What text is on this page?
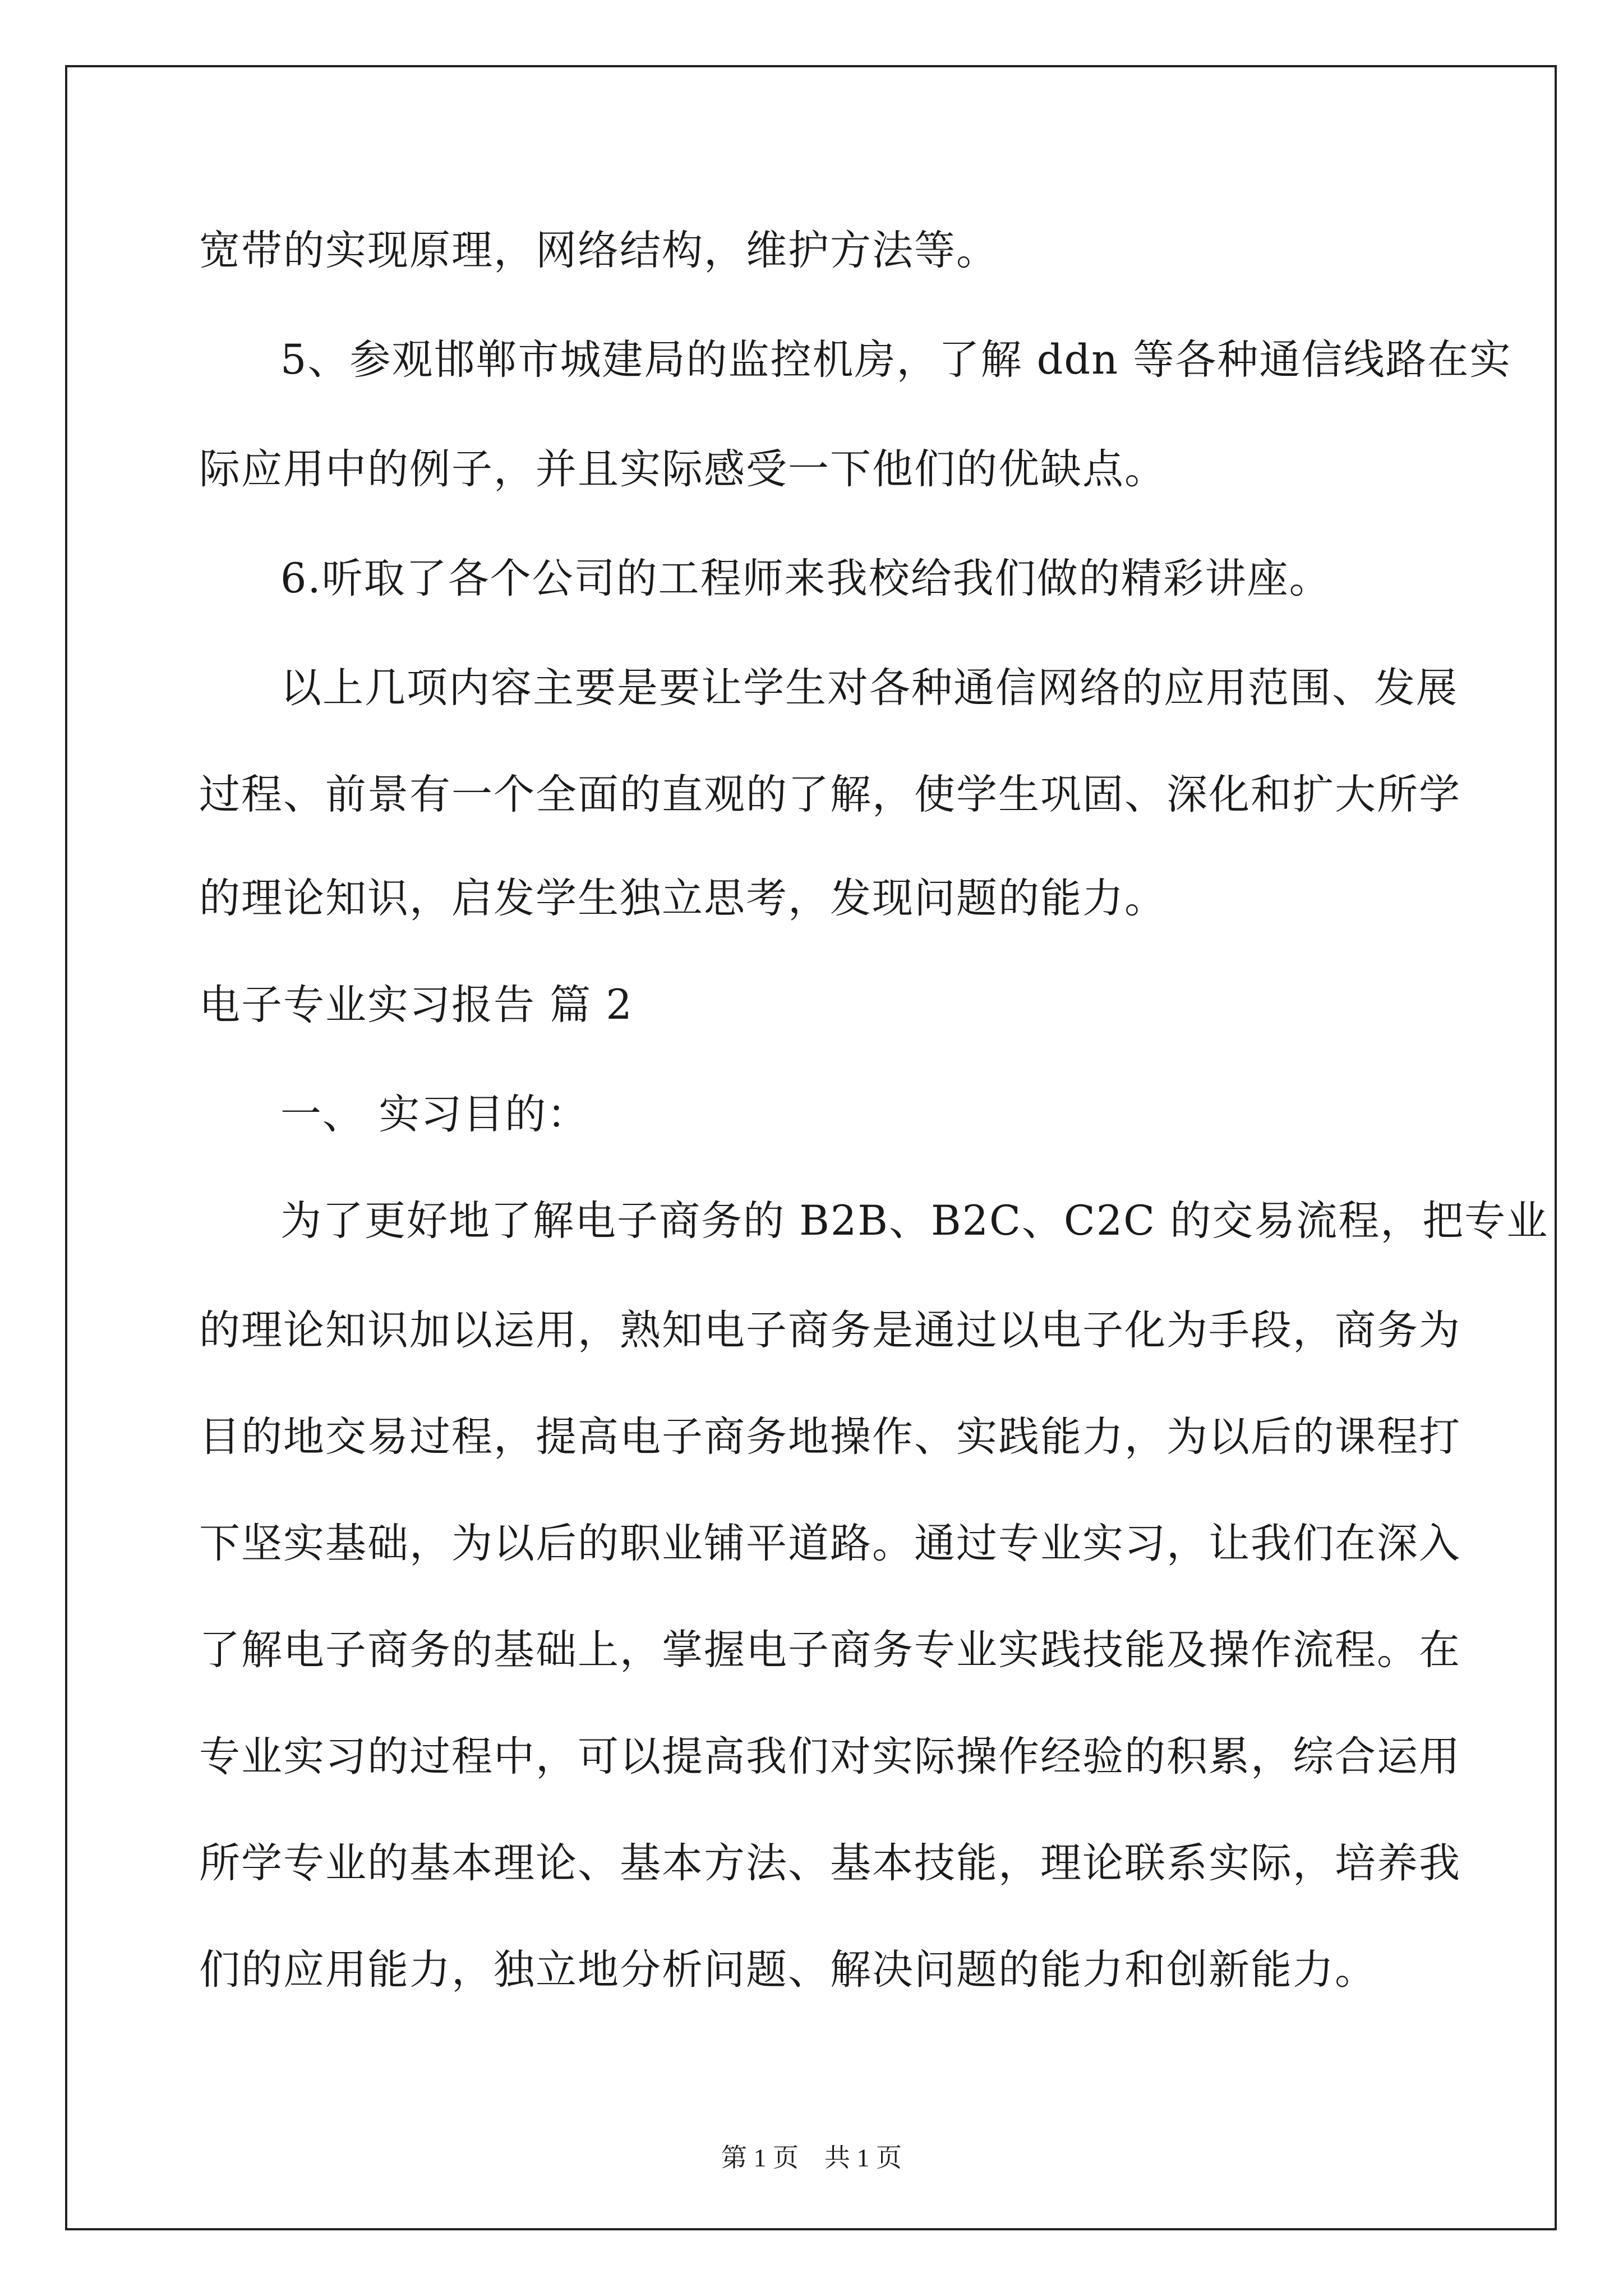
宽带的实现原理，网络结构，维护方法等。
5、参观邯郸市城建局的监控机房，了解 ddn 等各种通信线路在实
际应用中的例子，并且实际感受一下他们的优缺点。
6.听取了各个公司的工程师来我校给我们做的精彩讲座。
以上几项内容主要是要让学生对各种通信网络的应用范围、发展
过程、前景有一个全面的直观的了解，使学生巩固、深化和扩大所学
的理论知识，启发学生独立思考，发现问题的能力。
电子专业实习报告 篇 2
一、 实习目的：
为了更好地了解电子商务的 B2B、B2C、C2C 的交易流程，把专业
的理论知识加以运用，熟知电子商务是通过以电子化为手段，商务为
目的地交易过程，提高电子商务地操作、实践能力，为以后的课程打
下坚实基础，为以后的职业铺平道路。通过专业实习，让我们在深入
了解电子商务的基础上，掌握电子商务专业实践技能及操作流程。在
专业实习的过程中，可以提高我们对实际操作经验的积累，综合运用
所学专业的基本理论、基本方法、基本技能，理论联系实际，培养我
们的应用能力，独立地分析问题、解决问题的能力和创新能力。
第 1 页　共 1 页
